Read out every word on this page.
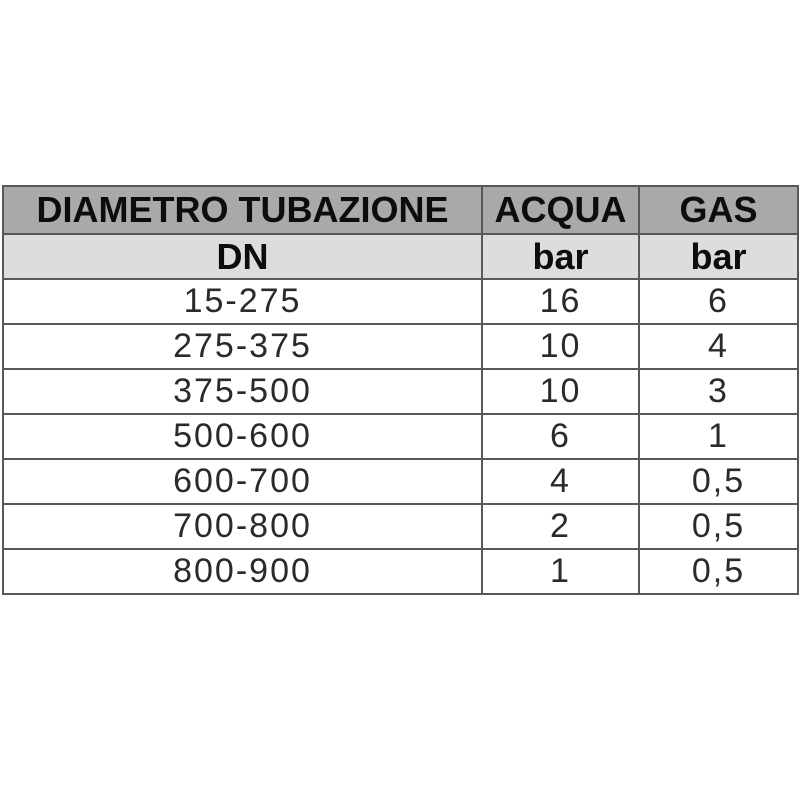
DIAMETRO TUBAZIONE	ACQUA	GAS
DN	bar	bar
15-275	16	6
275-375	10	4
375-500	10	3
500-600	6	1
600-700	4	0,5
700-800	2	0,5
800-900	1	0,5
